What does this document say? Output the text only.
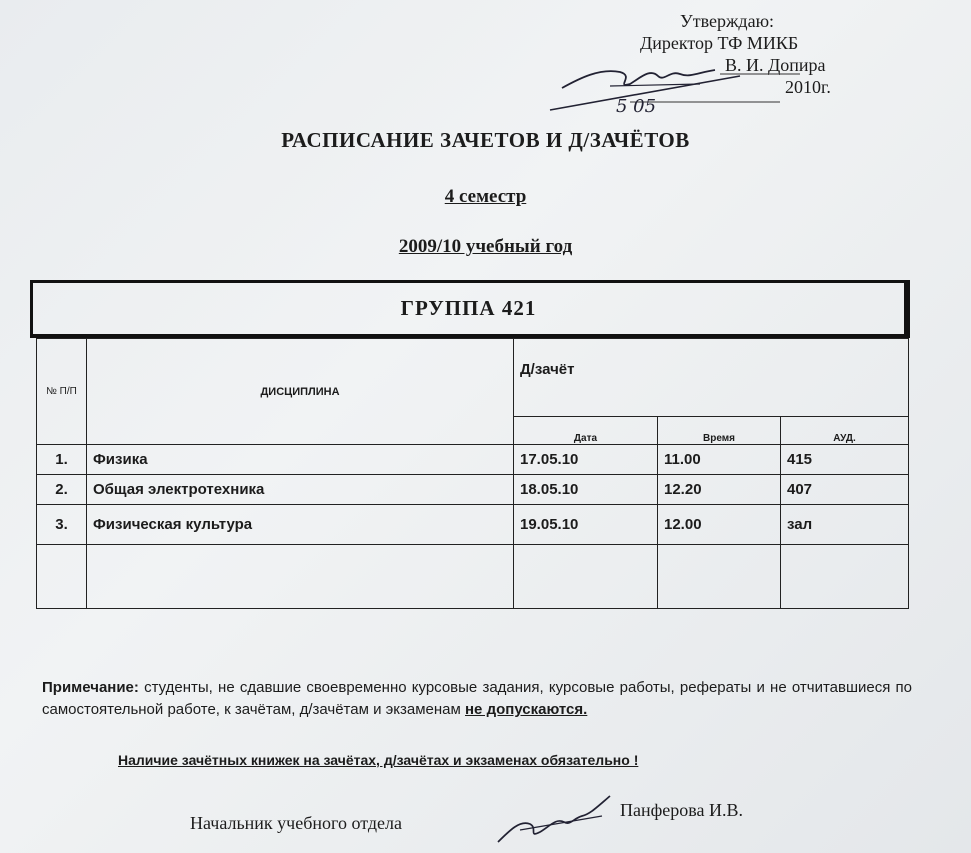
Утверждаю:
Директор ТФ МИКБ
В. И. Допира
2010г.
5 05
РАСПИСАНИЕ ЗАЧЕТОВ И Д/ЗАЧЁТОВ
4 семестр
2009/10 учебный год
ГРУППА 421
№ П/П	ДИСЦИПЛИНА	Д/зачёт		
		Дата	Время	АУД.
1.	Физика	17.05.10	11.00	415
2.	Общая электротехника	18.05.10	12.20	407
3.	Физическая культура	19.05.10	12.00	зал

Примечание: студенты, не сдавшие своевременно курсовые задания, курсовые работы, рефераты и не отчитавшиеся по самостоятельной работе, к зачётам, д/зачётам и экзаменам не допускаются.
Наличие зачётных книжек на зачётах, д/зачётах и экзаменах обязательно !
Начальник учебного отдела
Панферова И.В.
